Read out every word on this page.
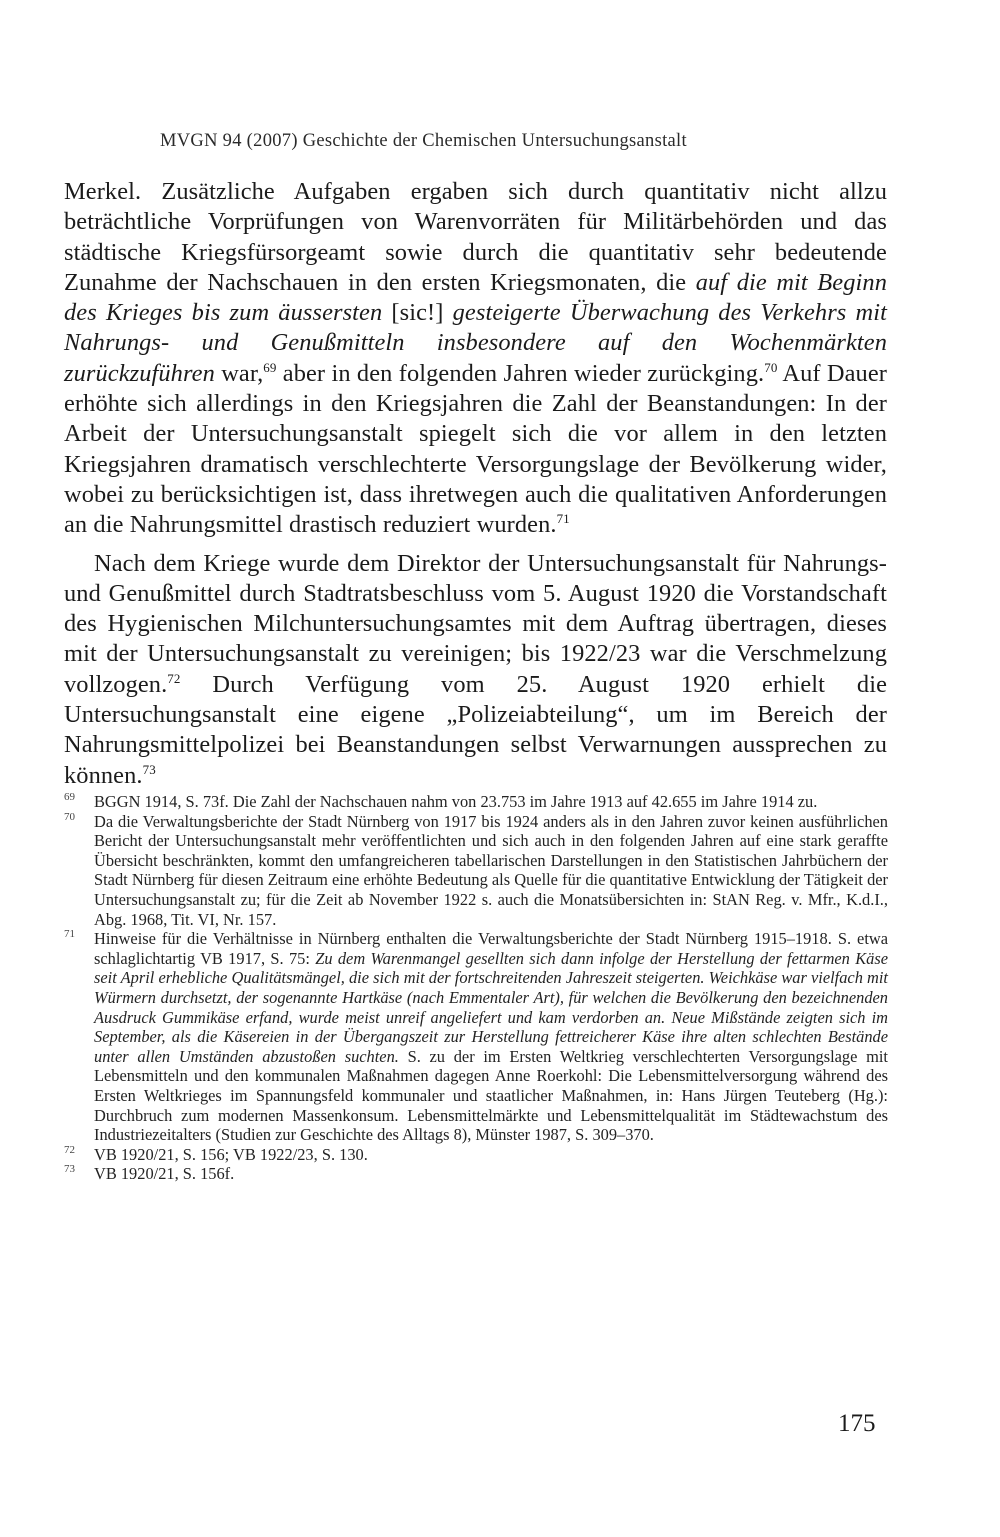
MVGN 94 (2007) Geschichte der Chemischen Untersuchungsanstalt

Merkel. Zusätzliche Aufgaben ergaben sich durch quantitativ nicht allzu beträchtliche Vorprüfungen von Warenvorräten für Militärbehörden und das städtische Kriegsfürsorgeamt sowie durch die quantitativ sehr bedeutende Zunahme der Nachschauen in den ersten Kriegsmonaten, die auf die mit Beginn des Krieges bis zum äussersten [sic!] gesteigerte Überwachung des Verkehrs mit Nahrungs- und Genußmitteln insbesondere auf den Wochenmärkten zurückzuführen war,$^{69}$ aber in den folgenden Jahren wieder zurückging.$^{70}$ Auf Dauer erhöhte sich allerdings in den Kriegsjahren die Zahl der Beanstandungen: In der Arbeit der Untersuchungsanstalt spiegelt sich die vor allem in den letzten Kriegsjahren dramatisch verschlechterte Versorgungslage der Bevölkerung wider, wobei zu berücksichtigen ist, dass ihretwegen auch die qualitativen Anforderungen an die Nahrungsmittel drastisch reduziert wurden.$^{71}$

Nach dem Kriege wurde dem Direktor der Untersuchungsanstalt für Nahrungs- und Genußmittel durch Stadtratsbeschluss vom 5. August 1920 die Vorstandschaft des Hygienischen Milchuntersuchungsamtes mit dem Auftrag übertragen, dieses mit der Untersuchungsanstalt zu vereinigen; bis 1922/23 war die Verschmelzung vollzogen.$^{72}$ Durch Verfügung vom 25. August 1920 erhielt die Untersuchungsanstalt eine eigene „Polizeiabteilung“, um im Bereich der Nahrungsmittelpolizei bei Beanstandungen selbst Verwarnungen aussprechen zu können.$^{73}$

69 BGGN 1914, S. 73f. Die Zahl der Nachschauen nahm von 23.753 im Jahre 1913 auf 42.655 im Jahre 1914 zu.
70 Da die Verwaltungsberichte der Stadt Nürnberg von 1917 bis 1924 anders als in den Jahren zuvor keinen ausführlichen Bericht der Untersuchungsanstalt mehr veröffentlichten und sich auch in den folgenden Jahren auf eine stark geraffte Übersicht beschränkten, kommt den umfangreicheren tabellarischen Darstellungen in den Statistischen Jahrbüchern der Stadt Nürnberg für diesen Zeitraum eine erhöhte Bedeutung als Quelle für die quantitative Entwicklung der Tätigkeit der Untersuchungsanstalt zu; für die Zeit ab November 1922 s. auch die Monatsübersichten in: StAN Reg. v. Mfr., K.d.I., Abg. 1968, Tit. VI, Nr. 157.
71 Hinweise für die Verhältnisse in Nürnberg enthalten die Verwaltungsberichte der Stadt Nürnberg 1915–1918. S. etwa schlaglichtartig VB 1917, S. 75: Zu dem Warenmangel gesellten sich dann infolge der Herstellung der fettarmen Käse seit April erhebliche Qualitätsmängel, die sich mit der fortschreitenden Jahreszeit steigerten. Weichkäse war vielfach mit Würmern durchsetzt, der sogenannte Hartkäse (nach Emmentaler Art), für welchen die Bevölkerung den bezeichnenden Ausdruck Gummikäse erfand, wurde meist unreif angeliefert und kam verdorben an. Neue Mißstände zeigten sich im September, als die Käsereien in der Übergangszeit zur Herstellung fettreicherer Käse ihre alten schlechten Bestände unter allen Umständen abzustoßen suchten. S. zu der im Ersten Weltkrieg verschlechterten Versorgungslage mit Lebensmitteln und den kommunalen Maßnahmen dagegen Anne Roerkohl: Die Lebensmittelversorgung während des Ersten Weltkrieges im Spannungsfeld kommunaler und staatlicher Maßnahmen, in: Hans Jürgen Teuteberg (Hg.): Durchbruch zum modernen Massenkonsum. Lebensmittelmärkte und Lebensmittelqualität im Städtewachstum des Industriezeitalters (Studien zur Geschichte des Alltags 8), Münster 1987, S. 309–370.
72 VB 1920/21, S. 156; VB 1922/23, S. 130.
73 VB 1920/21, S. 156f.
175
